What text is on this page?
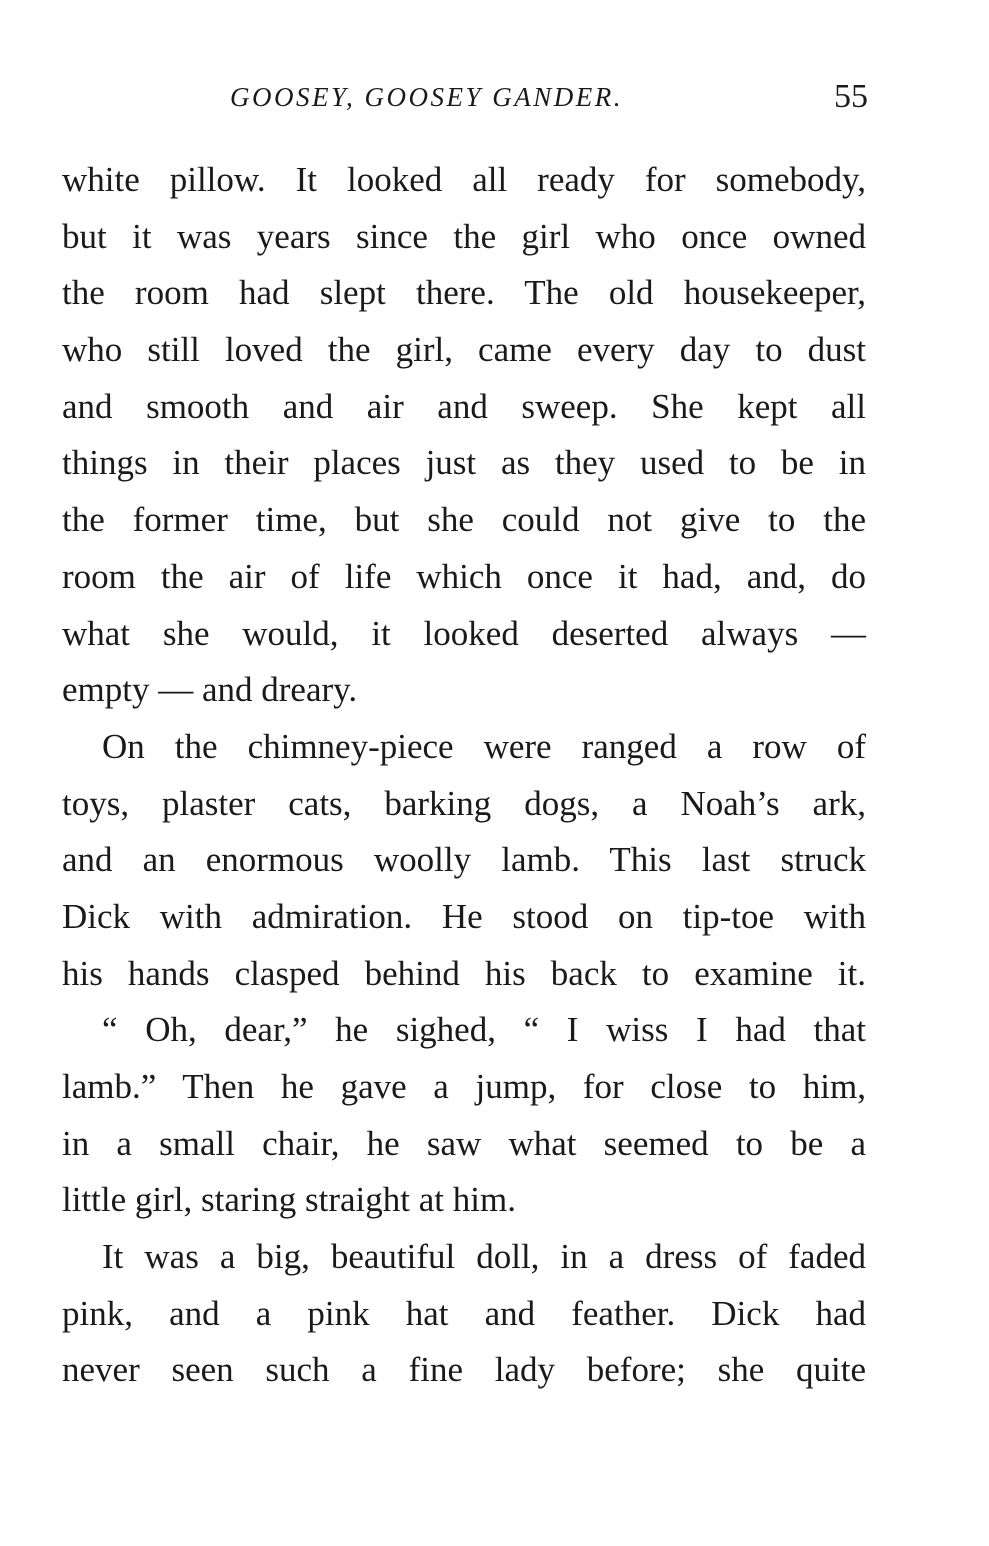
GOOSEY, GOOSEY GANDER.	55
white pillow. It looked all ready for somebody,
but it was years since the girl who once owned
the room had slept there. The old housekeeper,
who still loved the girl, came every day to dust
and smooth and air and sweep. She kept all
things in their places just as they used to be in
the former time, but she could not give to the
room the air of life which once it had, and, do
what she would, it looked deserted always —
empty — and dreary.
On the chimney-piece were ranged a row of
toys, plaster cats, barking dogs, a Noah’s ark,
and an enormous woolly lamb. This last struck
Dick with admiration. He stood on tip-toe with
his hands clasped behind his back to examine it.
“ Oh, dear,” he sighed, “ I wiss I had that
lamb.” Then he gave a jump, for close to him,
in a small chair, he saw what seemed to be a
little girl, staring straight at him.
It was a big, beautiful doll, in a dress of faded
pink, and a pink hat and feather. Dick had
never seen such a fine lady before; she quite
